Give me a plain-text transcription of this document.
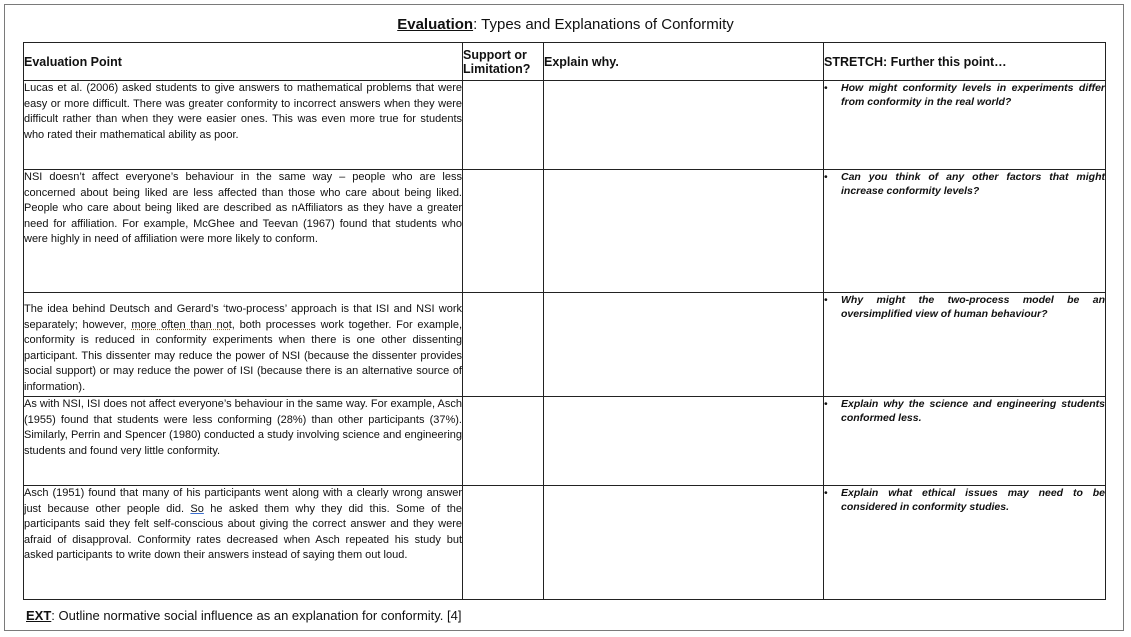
Evaluation: Types and Explanations of Conformity
Evaluation Point	Support or Limitation?	Explain why.	STRETCH: Further this point…
Lucas et al. (2006) asked students to give answers to mathematical problems that were easy or more difficult. There was greater conformity to incorrect answers when they were difficult rather than when they were easier ones. This was even more true for students who rated their mathematical ability as poor.			• How might conformity levels in experiments differ from conformity in the real world?

NSI doesn’t affect everyone’s behaviour in the same way – people who are less concerned about being liked are less affected than those who care about being liked. People who care about being liked are described as nAffiliators as they have a greater need for affiliation. For example, McGhee and Teevan (1967) found that students who were highly in need of affiliation were more likely to conform.			• Can you think of any other factors that might increase conformity levels?

The idea behind Deutsch and Gerard’s ‘two-process’ approach is that ISI and NSI work separately; however, more often than not, both processes work together. For example, conformity is reduced in conformity experiments when there is one other dissenting participant. This dissenter may reduce the power of NSI (because the dissenter provides social support) or may reduce the power of ISI (because there is an alternative source of information).			• Why might the two-process model be an oversimplified view of human behaviour?

As with NSI, ISI does not affect everyone’s behaviour in the same way. For example, Asch (1955) found that students were less conforming (28%) than other participants (37%). Similarly, Perrin and Spencer (1980) conducted a study involving science and engineering students and found very little conformity.			• Explain why the science and engineering students conformed less.

Asch (1951) found that many of his participants went along with a clearly wrong answer just because other people did. So he asked them why they did this. Some of the participants said they felt self-conscious about giving the correct answer and they were afraid of disapproval. Conformity rates decreased when Asch repeated his study but asked participants to write down their answers instead of saying them out loud.			• Explain what ethical issues may need to be considered in conformity studies.
EXT: Outline normative social influence as an explanation for conformity. [4]
